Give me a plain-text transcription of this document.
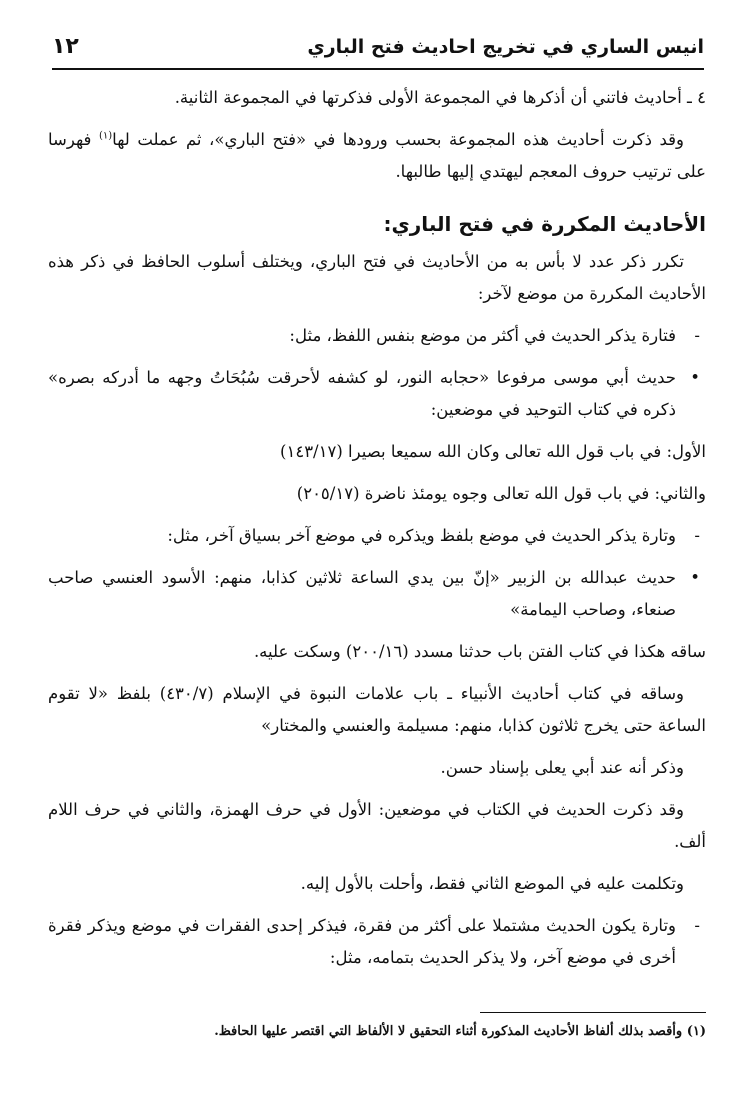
انيس الساري في تخريج احاديث فتح الباري
١٢

٤ ـ أحاديث فاتني أن أذكرها في المجموعة الأولى فذكرتها في المجموعة الثانية.

وقد ذكرت أحاديث هذه المجموعة بحسب ورودها في «فتح الباري»، ثم عملت لها$^{(١)}$ فهرسا على ترتيب حروف المعجم ليهتدي إليها طالبها.

الأحاديث المكررة في فتح الباري:

تكرر ذكر عدد لا بأس به من الأحاديث في فتح الباري، ويختلف أسلوب الحافظ في ذكر هذه الأحاديث المكررة من موضع لآخر:

- فتارة يذكر الحديث في أكثر من موضع بنفس اللفظ، مثل:

• حديث أبي موسى مرفوعا «حجابه النور، لو كشفه لأحرقت سُبُحَاتُ وجهه ما أدركه بصره» ذكره في كتاب التوحيد في موضعين:

الأول: في باب قول الله تعالى وكان الله سميعا بصيرا (١٤٣/١٧)

والثاني: في باب قول الله تعالى وجوه يومئذ ناضرة (٢٠٥/١٧)

- وتارة يذكر الحديث في موضع بلفظ ويذكره في موضع آخر بسياق آخر، مثل:

• حديث عبدالله بن الزبير «إنّ بين يدي الساعة ثلاثين كذابا، منهم: الأسود العنسي صاحب صنعاء، وصاحب اليمامة»

ساقه هكذا في كتاب الفتن باب حدثنا مسدد (٢٠٠/١٦) وسكت عليه.

وساقه في كتاب أحاديث الأنبياء ـ باب علامات النبوة في الإسلام (٤٣٠/٧) بلفظ «لا تقوم الساعة حتى يخرج ثلاثون كذابا، منهم: مسيلمة والعنسي والمختار»

وذكر أنه عند أبي يعلى بإسناد حسن.

وقد ذكرت الحديث في الكتاب في موضعين: الأول في حرف الهمزة، والثاني في حرف اللام ألف.

وتكلمت عليه في الموضع الثاني فقط، وأحلت بالأول إليه.

- وتارة يكون الحديث مشتملا على أكثر من فقرة، فيذكر إحدى الفقرات في موضع ويذكر فقرة أخرى في موضع آخر، ولا يذكر الحديث بتمامه، مثل:

(١) وأقصد بذلك ألفاظ الأحاديث المذكورة أثناء التحقيق لا الألفاظ التي اقتصر عليها الحافظ.
